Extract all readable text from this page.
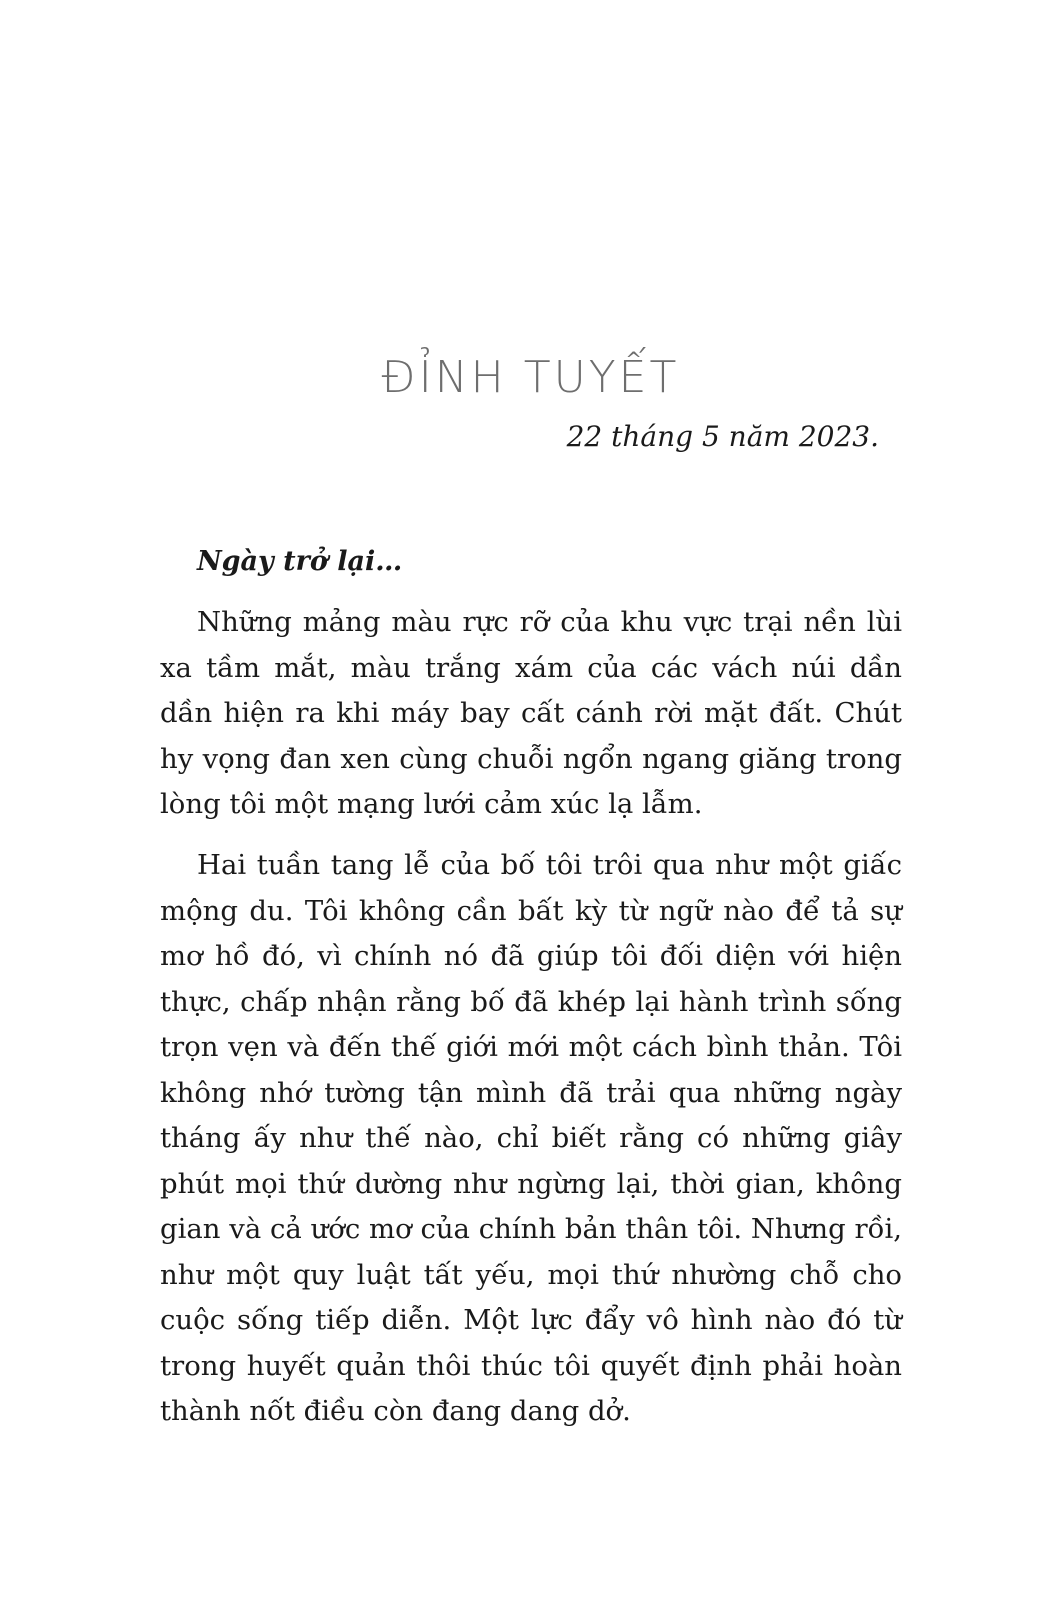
ĐỈNH TUYẾT

22 tháng 5 năm 2023.

Ngày trở lại…

Những mảng màu rực rỡ của khu vực trại nền lùi xa tầm mắt, màu trắng xám của các vách núi dần dần hiện ra khi máy bay cất cánh rời mặt đất. Chút hy vọng đan xen cùng chuỗi ngổn ngang giăng trong lòng tôi một mạng lưới cảm xúc lạ lẫm.

Hai tuần tang lễ của bố tôi trôi qua như một giấc mộng du. Tôi không cần bất kỳ từ ngữ nào để tả sự mơ hồ đó, vì chính nó đã giúp tôi đối diện với hiện thực, chấp nhận rằng bố đã khép lại hành trình sống trọn vẹn và đến thế giới mới một cách bình thản. Tôi không nhớ tường tận mình đã trải qua những ngày tháng ấy như thế nào, chỉ biết rằng có những giây phút mọi thứ dường như ngừng lại, thời gian, không gian và cả ước mơ của chính bản thân tôi. Nhưng rồi, như một quy luật tất yếu, mọi thứ nhường chỗ cho cuộc sống tiếp diễn. Một lực đẩy vô hình nào đó từ trong huyết quản thôi thúc tôi quyết định phải hoàn thành nốt điều còn đang dang dở.
